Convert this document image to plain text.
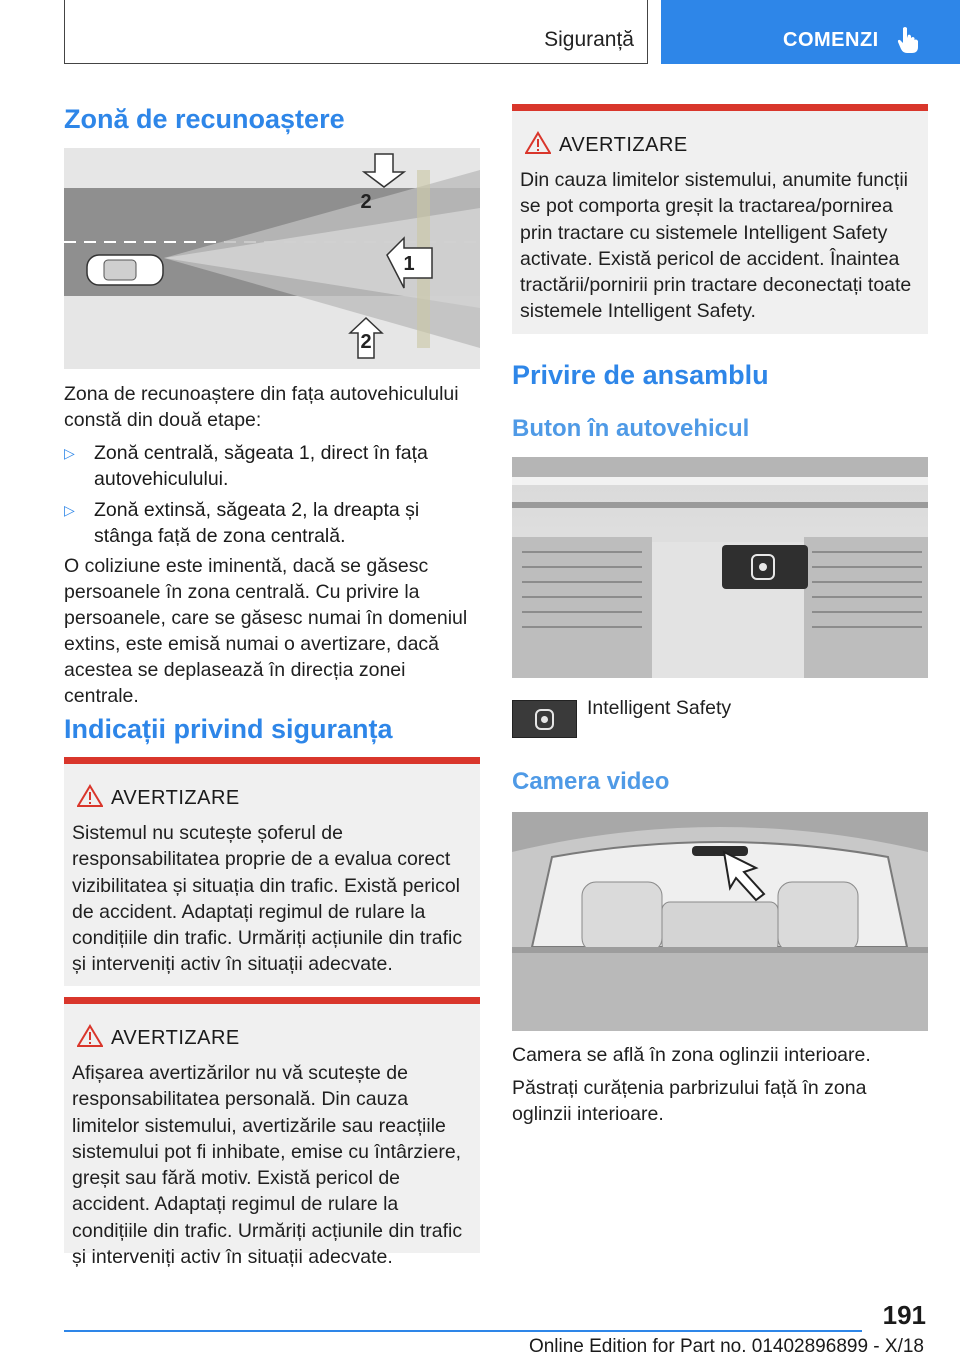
Siguranță	COMENZI
Zonă de recunoaștere
2
1
2
Zona de recunoaștere din fața autovehiculului constă din două etape:
▷ Zonă centrală, săgeata 1, direct în fața autovehiculului.
▷ Zonă extinsă, săgeata 2, la dreapta și stânga față de zona centrală.
O coliziune este iminentă, dacă se găsesc persoanele în zona centrală. Cu privire la persoanele, care se găsesc numai în domeniul extins, este emisă numai o avertizare, dacă acestea se deplasează în direcția zonei centrale.
Indicații privind siguranța
AVERTIZARE
Sistemul nu scutește șoferul de responsabilitatea proprie de a evalua corect vizibilitatea și situația din trafic. Există pericol de accident. Adaptați regimul de rulare la condițiile din trafic. Urmăriți acțiunile din trafic și interveniți activ în situații adecvate.
AVERTIZARE
Afișarea avertizărilor nu vă scutește de responsabilitatea personală. Din cauza limitelor sistemului, avertizările sau reacțiile sistemului pot fi inhibate, emise cu întârziere, greșit sau fără motiv. Există pericol de accident. Adaptați regimul de rulare la condițiile din trafic. Urmăriți acțiunile din trafic și interveniți activ în situații adecvate.
AVERTIZARE
Din cauza limitelor sistemului, anumite funcții se pot comporta greșit la tractarea/pornirea prin tractare cu sistemele Intelligent Safety activate. Există pericol de accident. Înaintea tractării/pornirii prin tractare deconectați toate sistemele Intelligent Safety.
Privire de ansamblu
Buton în autovehicul
Intelligent Safety
Camera video
Camera se află în zona oglinzii interioare.
Păstrați curățenia parbrizului față în zona oglinzii interioare.
191
Online Edition for Part no. 01402896899 - X/18
